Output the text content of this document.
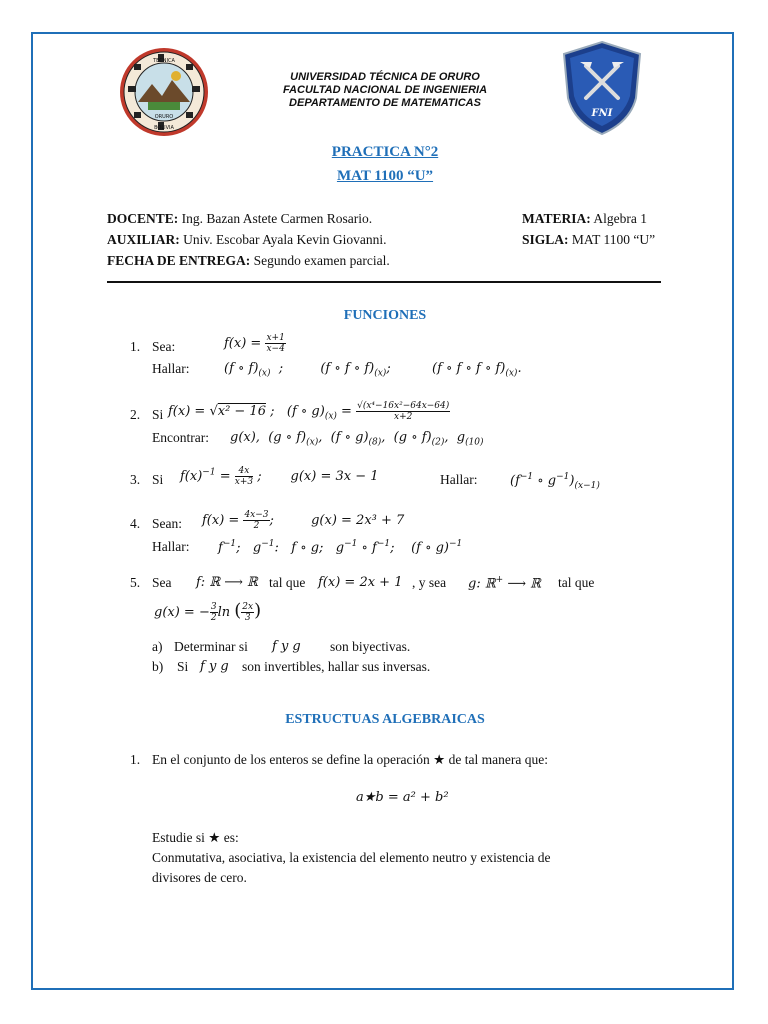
TECNICA
BOLIVIA
ORURO
UNIVERSIDAD TÉCNICA DE ORURO
FACULTAD NACIONAL DE INGENIERIA
DEPARTAMENTO DE MATEMATICAS
FNI
PRACTICA N°2
MAT 1100 “U”
DOCENTE: Ing. Bazan Astete Carmen Rosario.
AUXILIAR: Univ. Escobar Ayala Kevin Giovanni.
FECHA DE ENTREGA: Segundo examen parcial.
MATERIA: Algebra 1
SIGLA: MAT 1100 “U”
FUNCIONES
1. Sea:	$f(x) = \frac{x+1}{x-4}$
Hallar:	(f ∘ $f)_{(x)}$  ;         (f ∘ f ∘ $f)_{(x)}$;          (f ∘ f ∘ f ∘ $f)_{(x)}$.
2. Si f(x) = √x² − 16 ;   (f ∘ $g)_{(x)} = \frac{\text{√(x⁴−16x²−64x−64)}}{x+2}$
Encontrar: g(x),  (g ∘ $f)_{(x)}$,  (f ∘ $g)_{(8)}$,  (g ∘ $f)_{(2)}$,  $g_{(10)}$
3. Si $f(x)^{-1} = \frac{4x}{x+3}$ ;       g(x) = 3x − 1	Hallar:	($f^{-1}$ ∘ $g^{-1})_{(x-1)}$
4. Sean: $f(x) = \frac{4x-3}{2}$ ;         g(x) = 2x³ + 7
Hallar: $f^{-1}$;   $g^{-1}$:   f ∘ g;   $g^{-1}$ ∘ $f^{-1}$;    (f ∘ g)$^{-1}$
5. Sea f: ℝ ⟶ ℝ tal que f(x) = 2x + 1 , y sea g: ℝ+ ⟶ ℝ tal que
g(x) = − $\frac{3}{2}$ ln ( $\frac{2x}{3}$ )
a) Determinar si f y g son biyectivas.
b) Si f y g son invertibles, hallar sus inversas.
ESTRUCTUAS ALGEBRAICAS
1. En el conjunto de los enteros se define la operación ★ de tal manera que:
a★b = a² + b²
Estudie si ★ es:
Conmutativa, asociativa, la existencia del elemento neutro y existencia de
divisores de cero.
